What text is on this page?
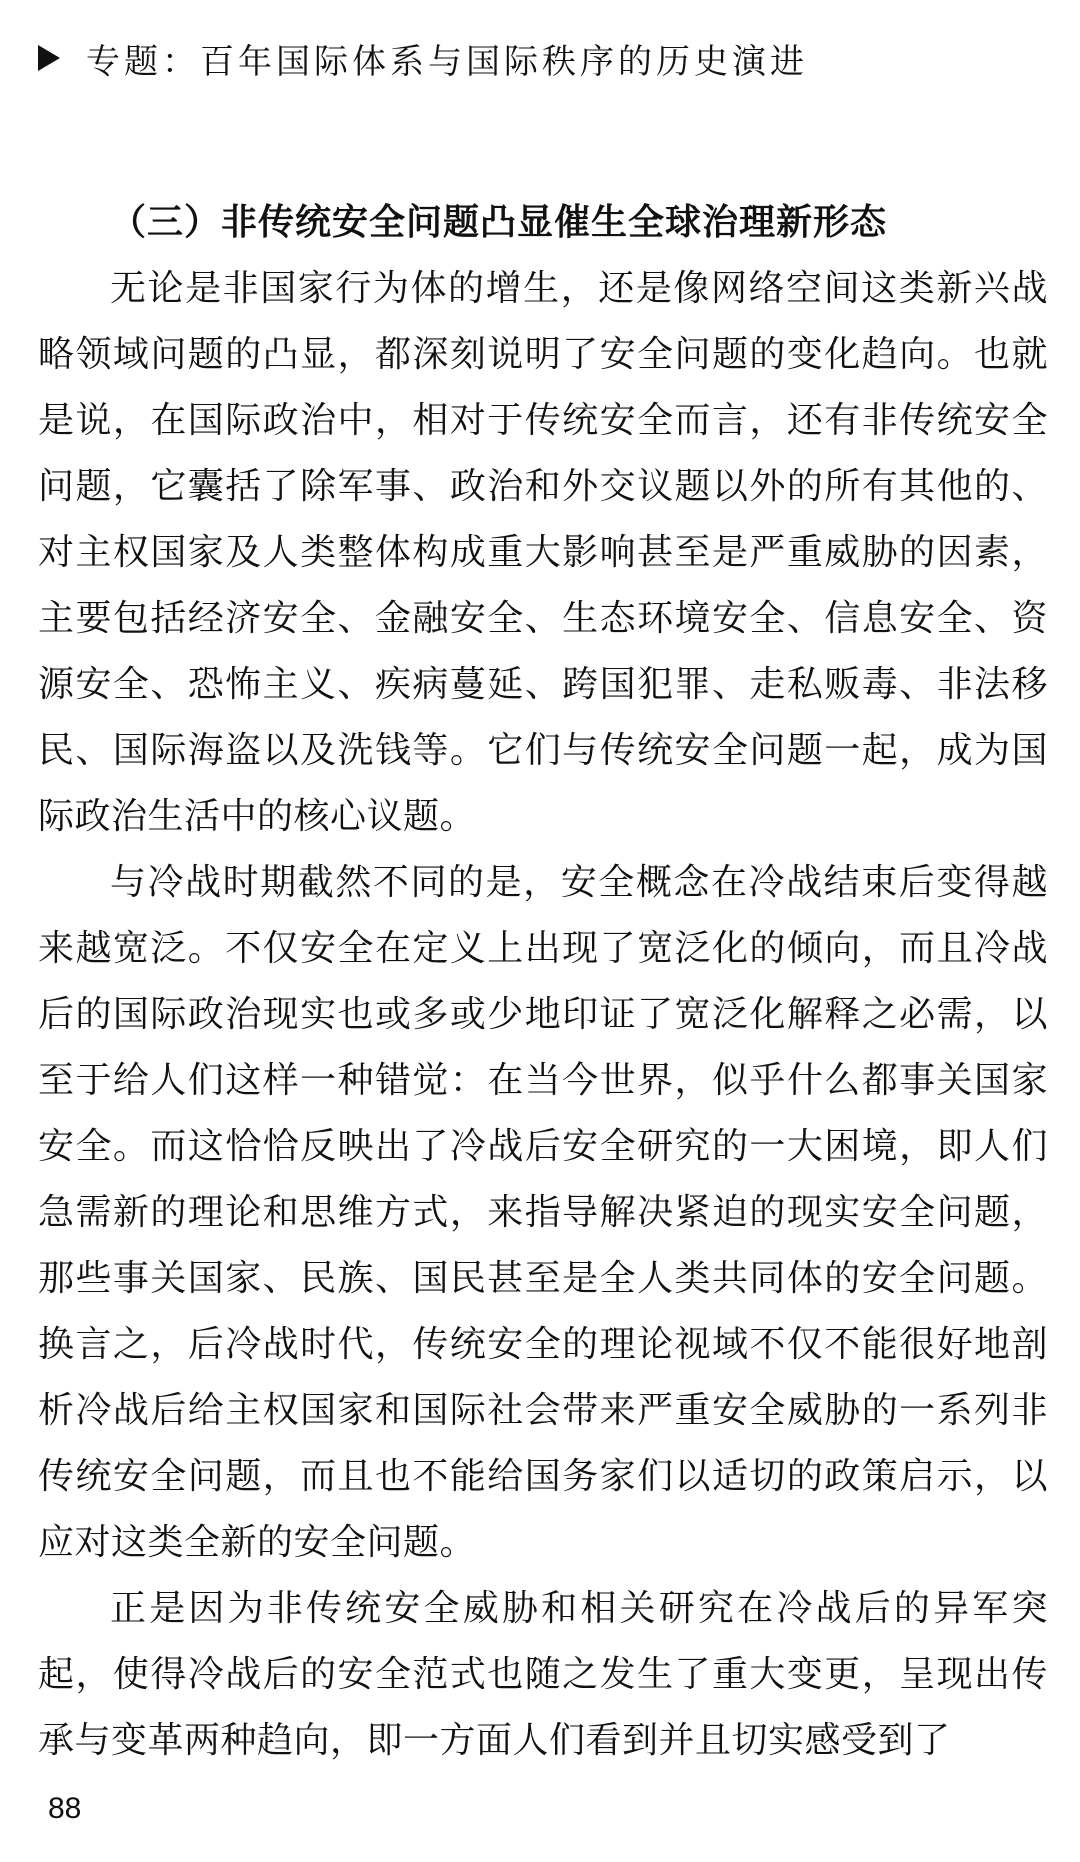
专题：百年国际体系与国际秩序的历史演进
（三）非传统安全问题凸显催生全球治理新形态

无论是非国家行为体的增生，还是像网络空间这类新兴战略领域问题的凸显，都深刻说明了安全问题的变化趋向。也就是说，在国际政治中，相对于传统安全而言，还有非传统安全问题，它囊括了除军事、政治和外交议题以外的所有其他的、对主权国家及人类整体构成重大影响甚至是严重威胁的因素，主要包括经济安全、金融安全、生态环境安全、信息安全、资源安全、恐怖主义、疾病蔓延、跨国犯罪、走私贩毒、非法移民、国际海盗以及洗钱等。它们与传统安全问题一起，成为国际政治生活中的核心议题。

与冷战时期截然不同的是，安全概念在冷战结束后变得越来越宽泛。不仅安全在定义上出现了宽泛化的倾向，而且冷战后的国际政治现实也或多或少地印证了宽泛化解释之必需，以至于给人们这样一种错觉：在当今世界，似乎什么都事关国家安全。而这恰恰反映出了冷战后安全研究的一大困境，即人们急需新的理论和思维方式，来指导解决紧迫的现实安全问题，那些事关国家、民族、国民甚至是全人类共同体的安全问题。换言之，后冷战时代，传统安全的理论视域不仅不能很好地剖析冷战后给主权国家和国际社会带来严重安全威胁的一系列非传统安全问题，而且也不能给国务家们以适切的政策启示，以应对这类全新的安全问题。

正是因为非传统安全威胁和相关研究在冷战后的异军突起，使得冷战后的安全范式也随之发生了重大变更，呈现出传承与变革两种趋向，即一方面人们看到并且切实感受到了

88
